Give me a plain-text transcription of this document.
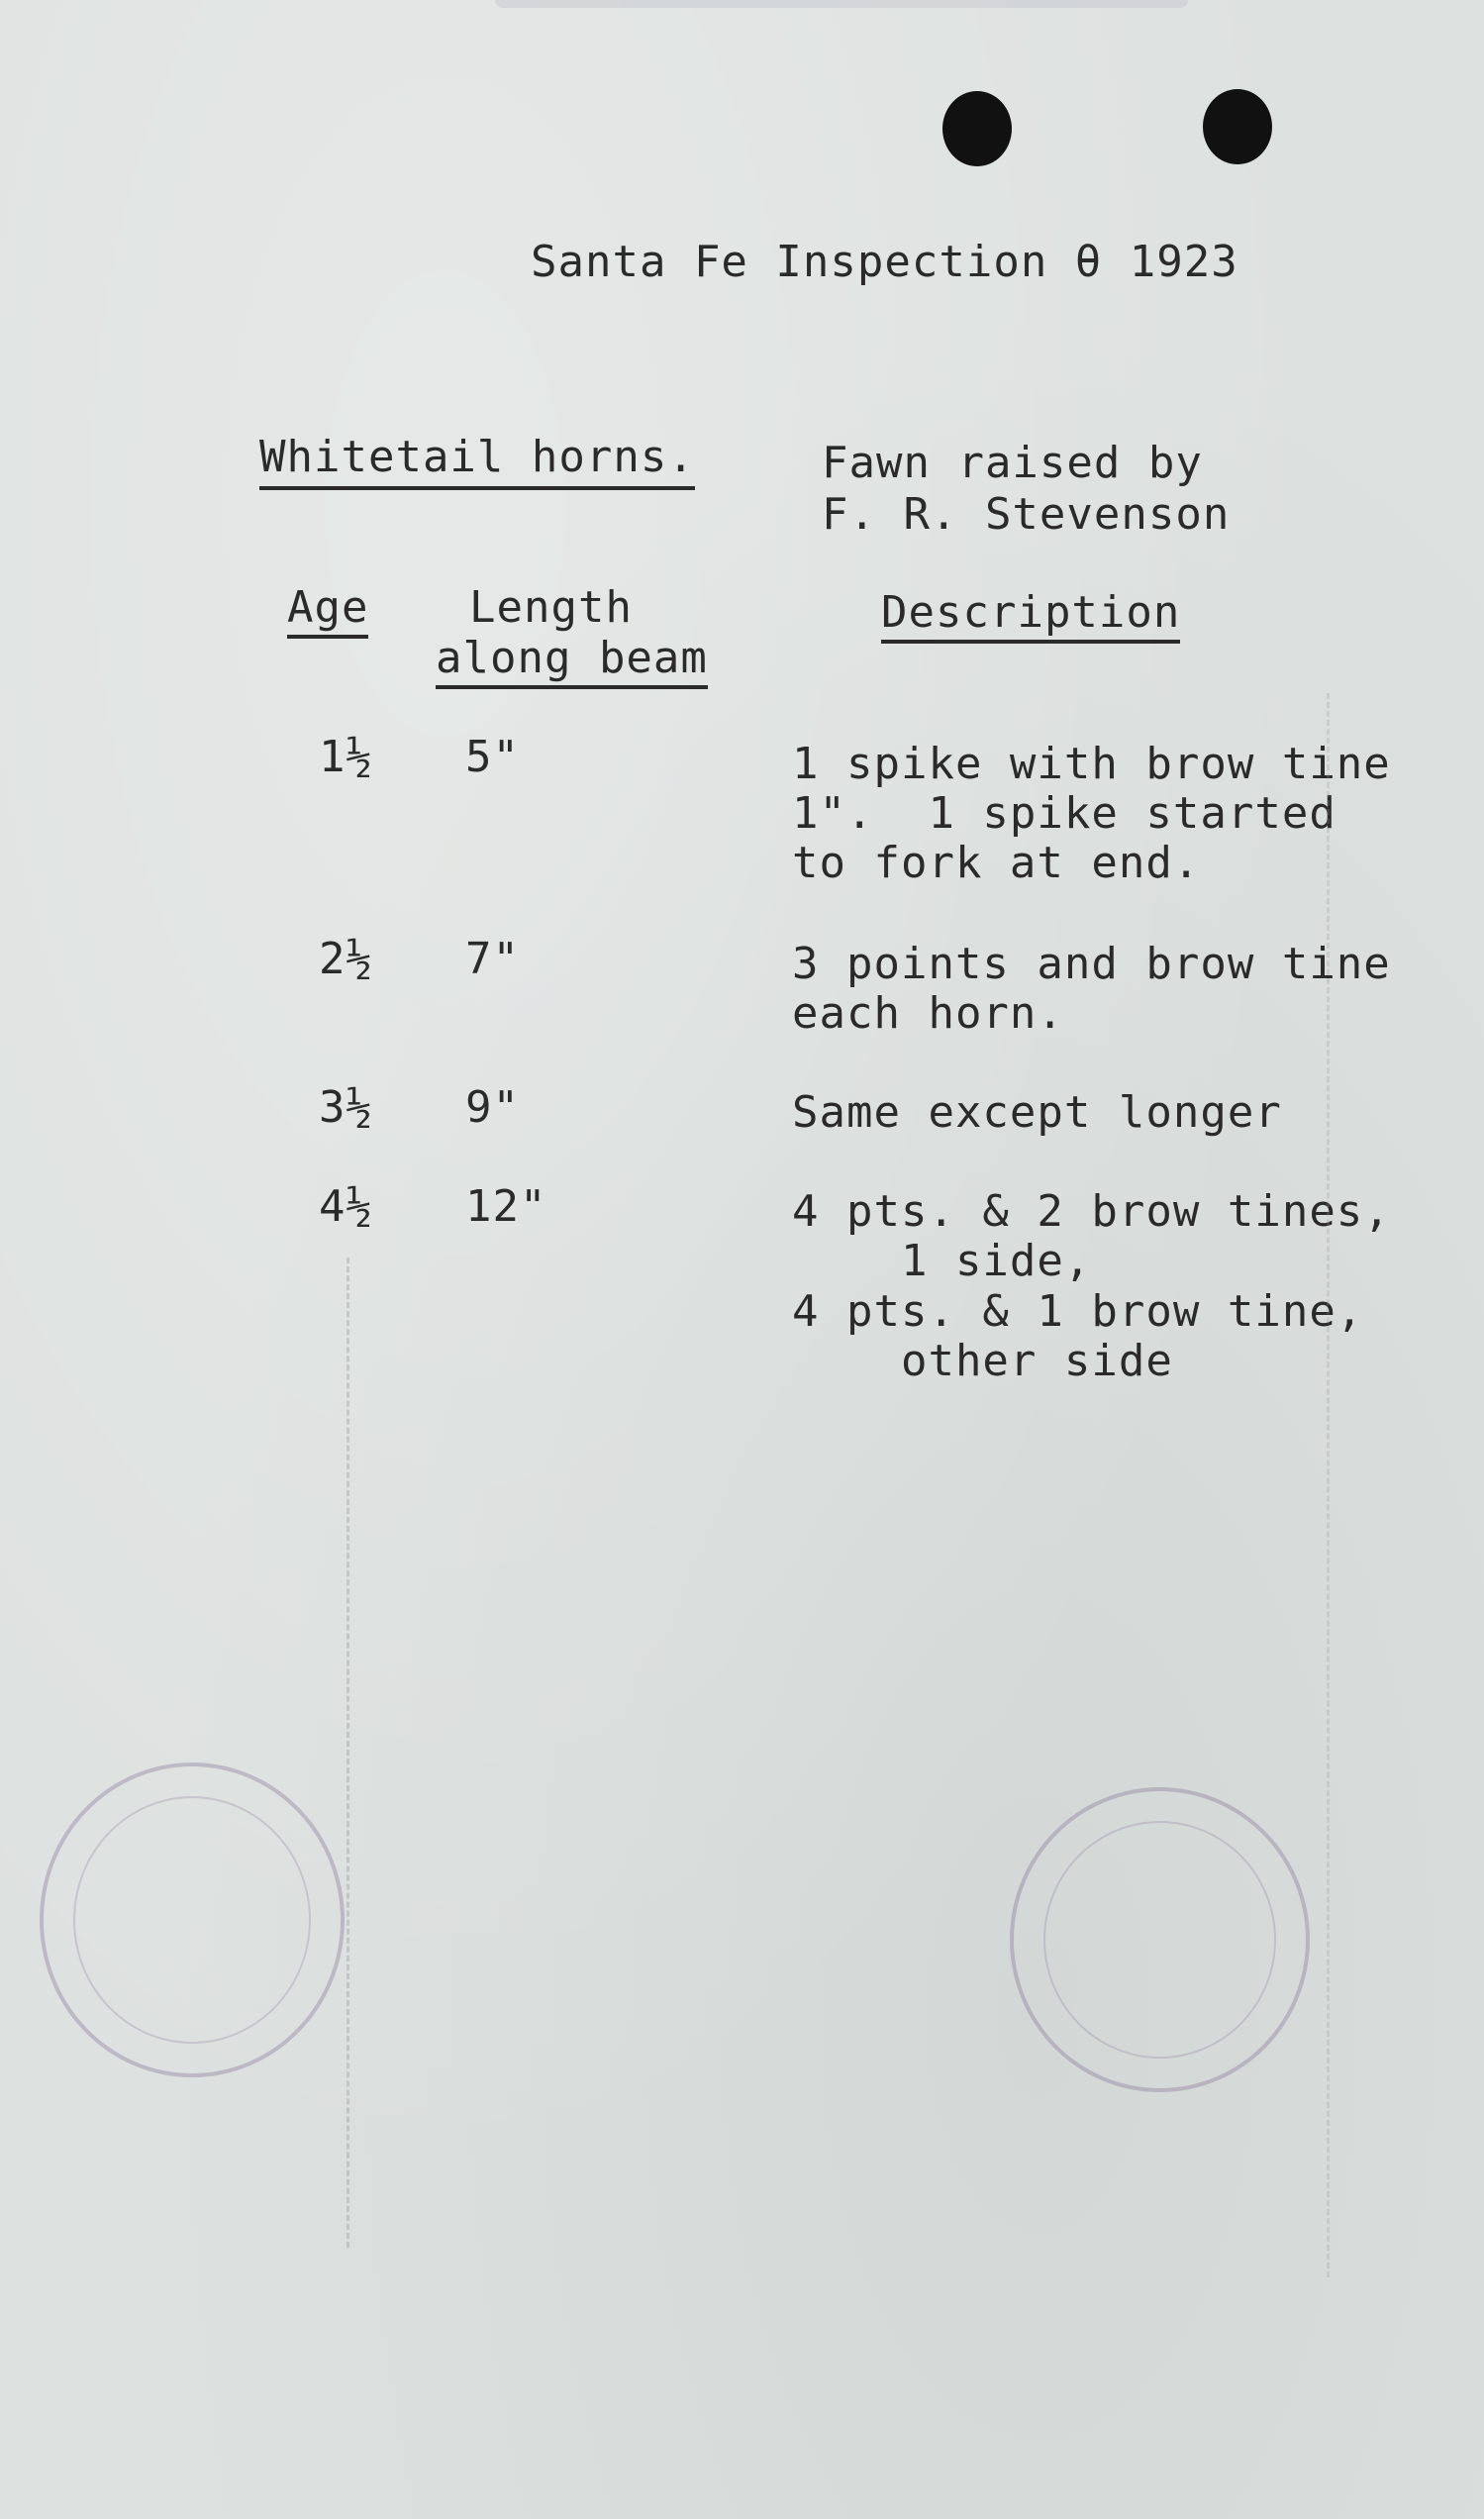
Santa Fe Inspection θ 1923
Whitetail horns.	Fawn raised by
F. R. Stevenson
Age Length
along beam
Description
1½ 5"	1 spike with brow tine
1".  1 spike started
to fork at end.
2½ 7"	3 points and brow tine
each horn.
3½ 9"	Same except longer
4½ 12"	4 pts. & 2 brow tines,
1 side,
4 pts. & 1 brow tine,
other side
